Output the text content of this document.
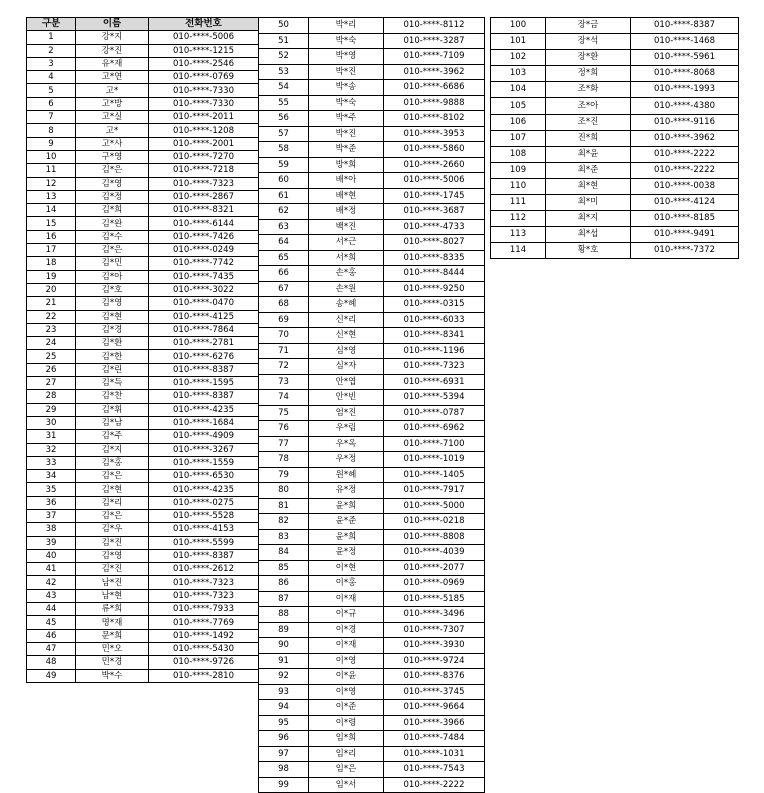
구분	이름	전화번호
1	강*지	010-****-5006
2	강*진	010-****-1215
3	유*재	010-****-2546
4	고*연	010-****-0769
5	고*	010-****-7330
6	고*방	010-****-7330
7	고*실	010-****-2011
8	고*	010-****-1208
9	고*사	010-****-2001
10	구*영	010-****-7270
11	김*은	010-****-7218
12	김*영	010-****-7323
13	김*정	010-****-2867
14	김*희	010-****-8321
15	김*완	010-****-6144
16	김*수	010-****-7426
17	김*은	010-****-0249
18	김*민	010-****-7742
19	김*아	010-****-7435
20	김*호	010-****-3022
21	김*영	010-****-0470
22	김*현	010-****-4125
23	김*경	010-****-7864
24	김*환	010-****-2781
25	김*한	010-****-6276
26	김*린	010-****-8387
27	김*득	010-****-1595
28	김*찬	010-****-8387
29	김*휘	010-****-4235
30	김*남	010-****-1684
31	김*주	010-****-4909
32	김*지	010-****-3267
33	김*홍	010-****-1559
34	김*은	010-****-6530
35	김*현	010-****-4235
36	김*리	010-****-0275
37	김*은	010-****-5528
38	김*우	010-****-4153
39	김*진	010-****-5599
40	김*영	010-****-8387
41	김*진	010-****-2612
42	남*진	010-****-7323
43	남*현	010-****-7323
44	류*희	010-****-7933
45	명*재	010-****-7769
46	문*희	010-****-1492
47	민*오	010-****-5430
48	민*경	010-****-9726
49	박*수	010-****-2810
50	박*리	010-****-8112
51	박*숙	010-****-3287
52	박*영	010-****-7109
53	박*진	010-****-3962
54	박*송	010-****-6686
55	박*숙	010-****-9888
56	박*주	010-****-8102
57	박*진	010-****-3953
58	박*준	010-****-5860
59	방*희	010-****-2660
60	배*아	010-****-5006
61	배*현	010-****-1745
62	배*정	010-****-3687
63	백*진	010-****-4733
64	서*근	010-****-8027
65	서*희	010-****-8335
66	손*홍	010-****-8444
67	손*원	010-****-9250
68	송*혜	010-****-0315
69	신*리	010-****-6033
70	신*현	010-****-8341
71	심*영	010-****-1196
72	심*자	010-****-7323
73	안*엽	010-****-6931
74	안*빈	010-****-5394
75	엄*진	010-****-0787
76	우*림	010-****-6962
77	우*옥	010-****-7100
78	우*정	010-****-1019
79	원*혜	010-****-1405
80	유*정	010-****-7917
81	윤*희	010-****-5000
82	윤*준	010-****-0218
83	윤*희	010-****-8808
84	윤*정	010-****-4039
85	이*현	010-****-2077
86	이*홍	010-****-0969
87	이*재	010-****-5185
88	이*규	010-****-3496
89	이*경	010-****-7307
90	이*재	010-****-3930
91	이*영	010-****-9724
92	이*윤	010-****-8376
93	이*영	010-****-3745
94	이*준	010-****-9664
95	이*령	010-****-3966
96	임*희	010-****-7484
97	임*리	010-****-1031
98	임*은	010-****-7543
99	임*서	010-****-2222
100	장*금	010-****-8387
101	장*석	010-****-1468
102	장*환	010-****-5961
103	정*희	010-****-8068
104	조*화	010-****-1993
105	조*아	010-****-4380
106	조*진	010-****-9116
107	진*희	010-****-3962
108	최*윤	010-****-2222
109	최*준	010-****-2222
110	최*현	010-****-0038
111	최*미	010-****-4124
112	최*지	010-****-8185
113	최*섭	010-****-9491
114	황*호	010-****-7372
